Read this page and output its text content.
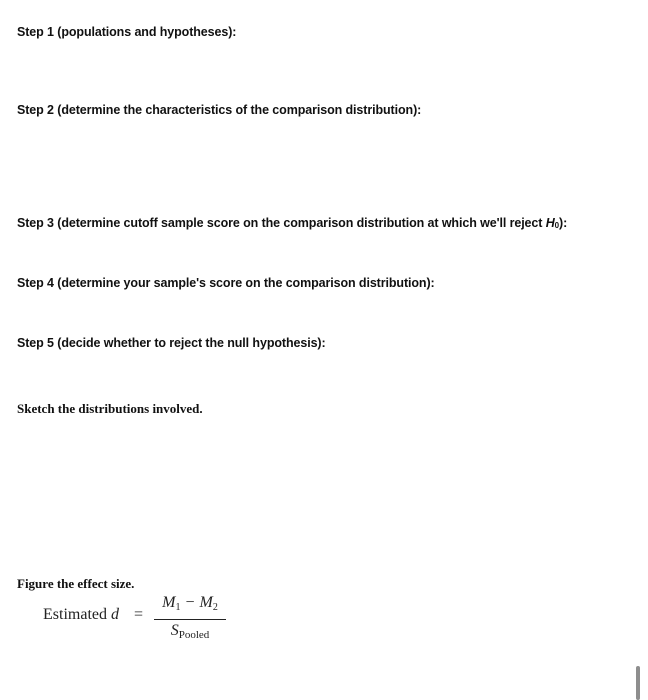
Step 1 (populations and hypotheses):
Step 2 (determine the characteristics of the comparison distribution):
Step 3 (determine cutoff sample score on the comparison distribution at which we'll reject H0):
Step 4 (determine your sample's score on the comparison distribution):
Step 5 (decide whether to reject the null hypothesis):
Sketch the distributions involved.
Figure the effect size.
Estimated d =
M1 − M2
SPooled
